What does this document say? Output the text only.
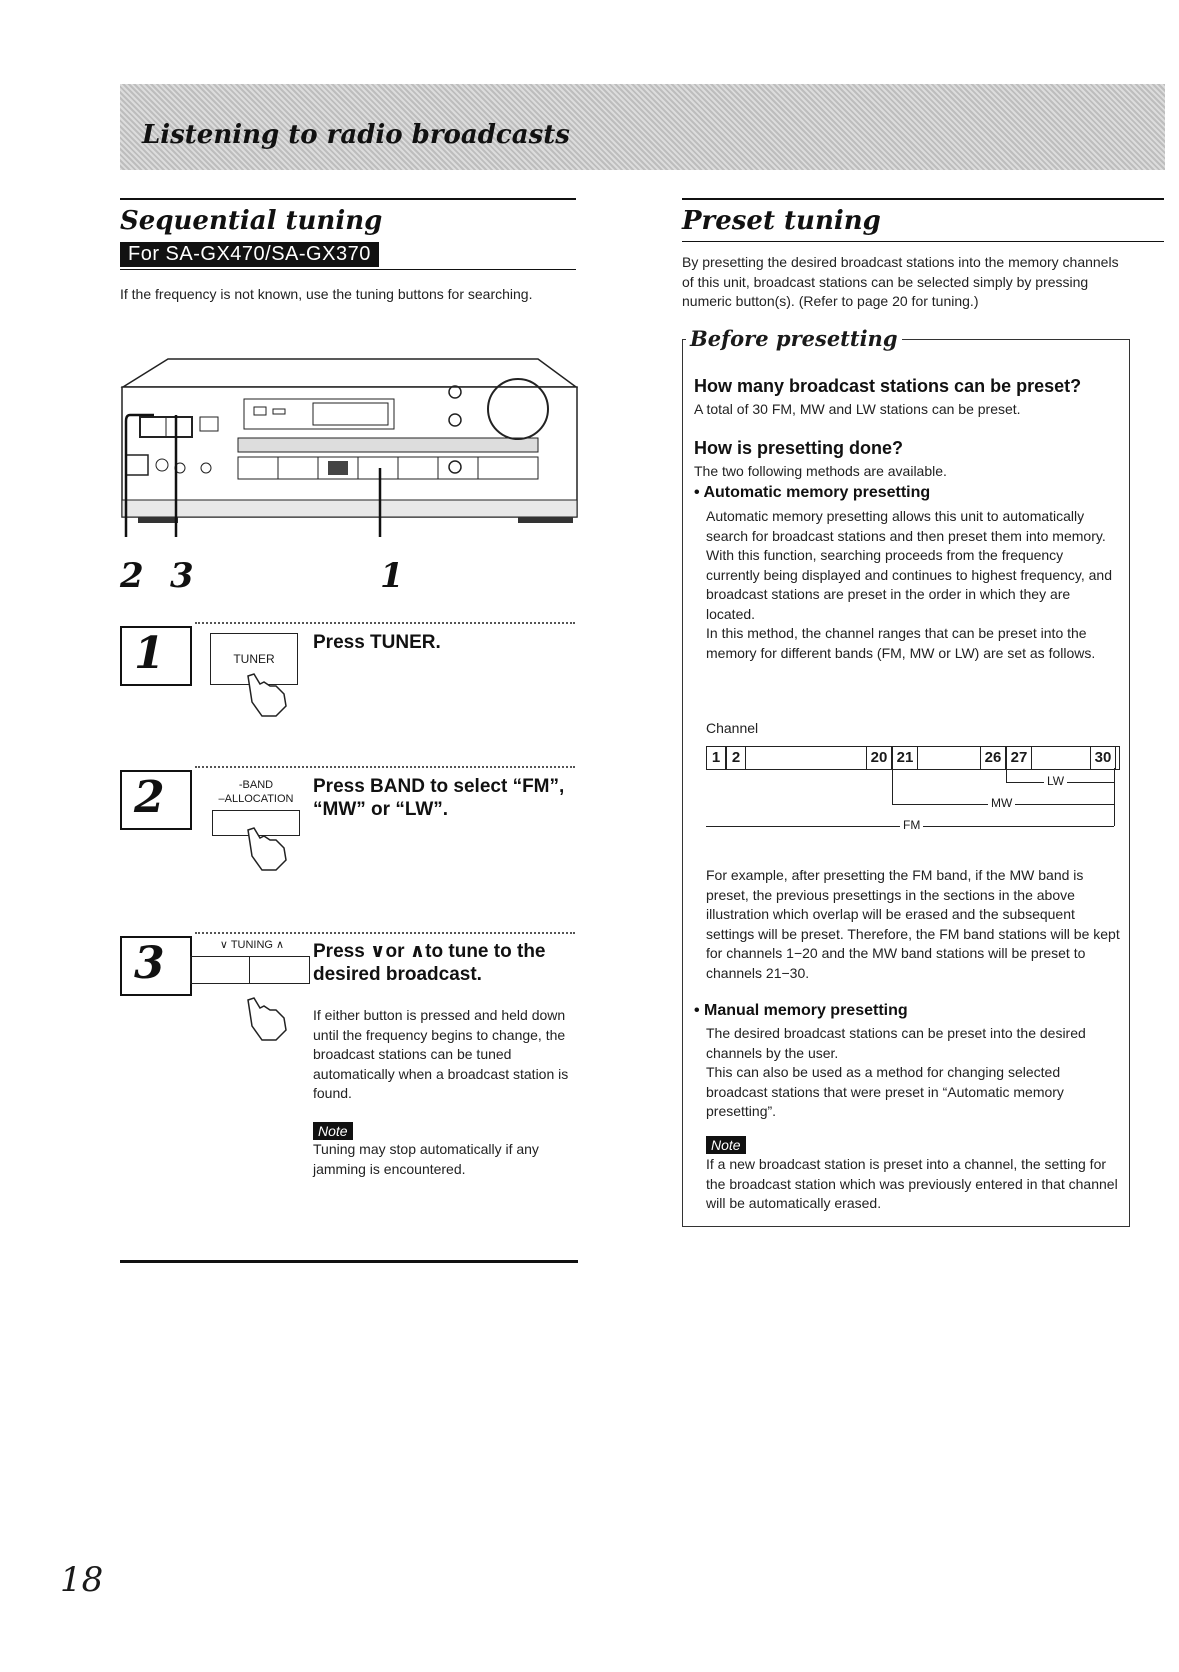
Listening to radio broadcasts
Sequential tuning
For SA-GX470/SA-GX370
If the frequency is not known, use the tuning buttons for searching.
2 3	1
1	TUNER
Press TUNER.
2	-BAND
–ALLOCATION
Press BAND to select “FM”, “MW” or “LW”.
3	∨ TUNING ∧	Press ∨or ∧to tune to the desired broadcast.
If either button is pressed and held down until the frequency begins to change, the broadcast stations can be tuned automatically when a broadcast station is found.
Note
Tuning may stop automatically if any jamming is encountered.
Preset tuning
By presetting the desired broadcast stations into the memory channels of this unit, broadcast stations can be selected simply by pressing numeric button(s). (Refer to page 20 for tuning.)
Before presetting
How many broadcast stations can be preset?
A total of 30 FM, MW and LW stations can be preset.
How is presetting done?
The two following methods are available.
• Automatic memory presetting
Automatic memory presetting allows this unit to automatically search for broadcast stations and then preset them into memory.
With this function, searching proceeds from the frequency currently being displayed and continues to highest frequency, and broadcast stations are preset in the order in which they are located.
In this method, the channel ranges that can be preset into the memory for different bands (FM, MW or LW) are set as follows.
Channel
1 2	20 21	26 27	30
LW
MW
FM
For example, after presetting the FM band, if the MW band is preset, the previous presettings in the sections in the above illustration which overlap will be erased and the subsequent settings will be preset. Therefore, the FM band stations will be kept for channels 1−20 and the MW band stations will be preset to channels 21−30.
• Manual memory presetting
The desired broadcast stations can be preset into the desired channels by the user.
This can also be used as a method for changing selected broadcast stations that were preset in “Automatic memory presetting”.
Note
If a new broadcast station is preset into a channel, the setting for the broadcast station which was previously entered in that channel will be automatically erased.
18
